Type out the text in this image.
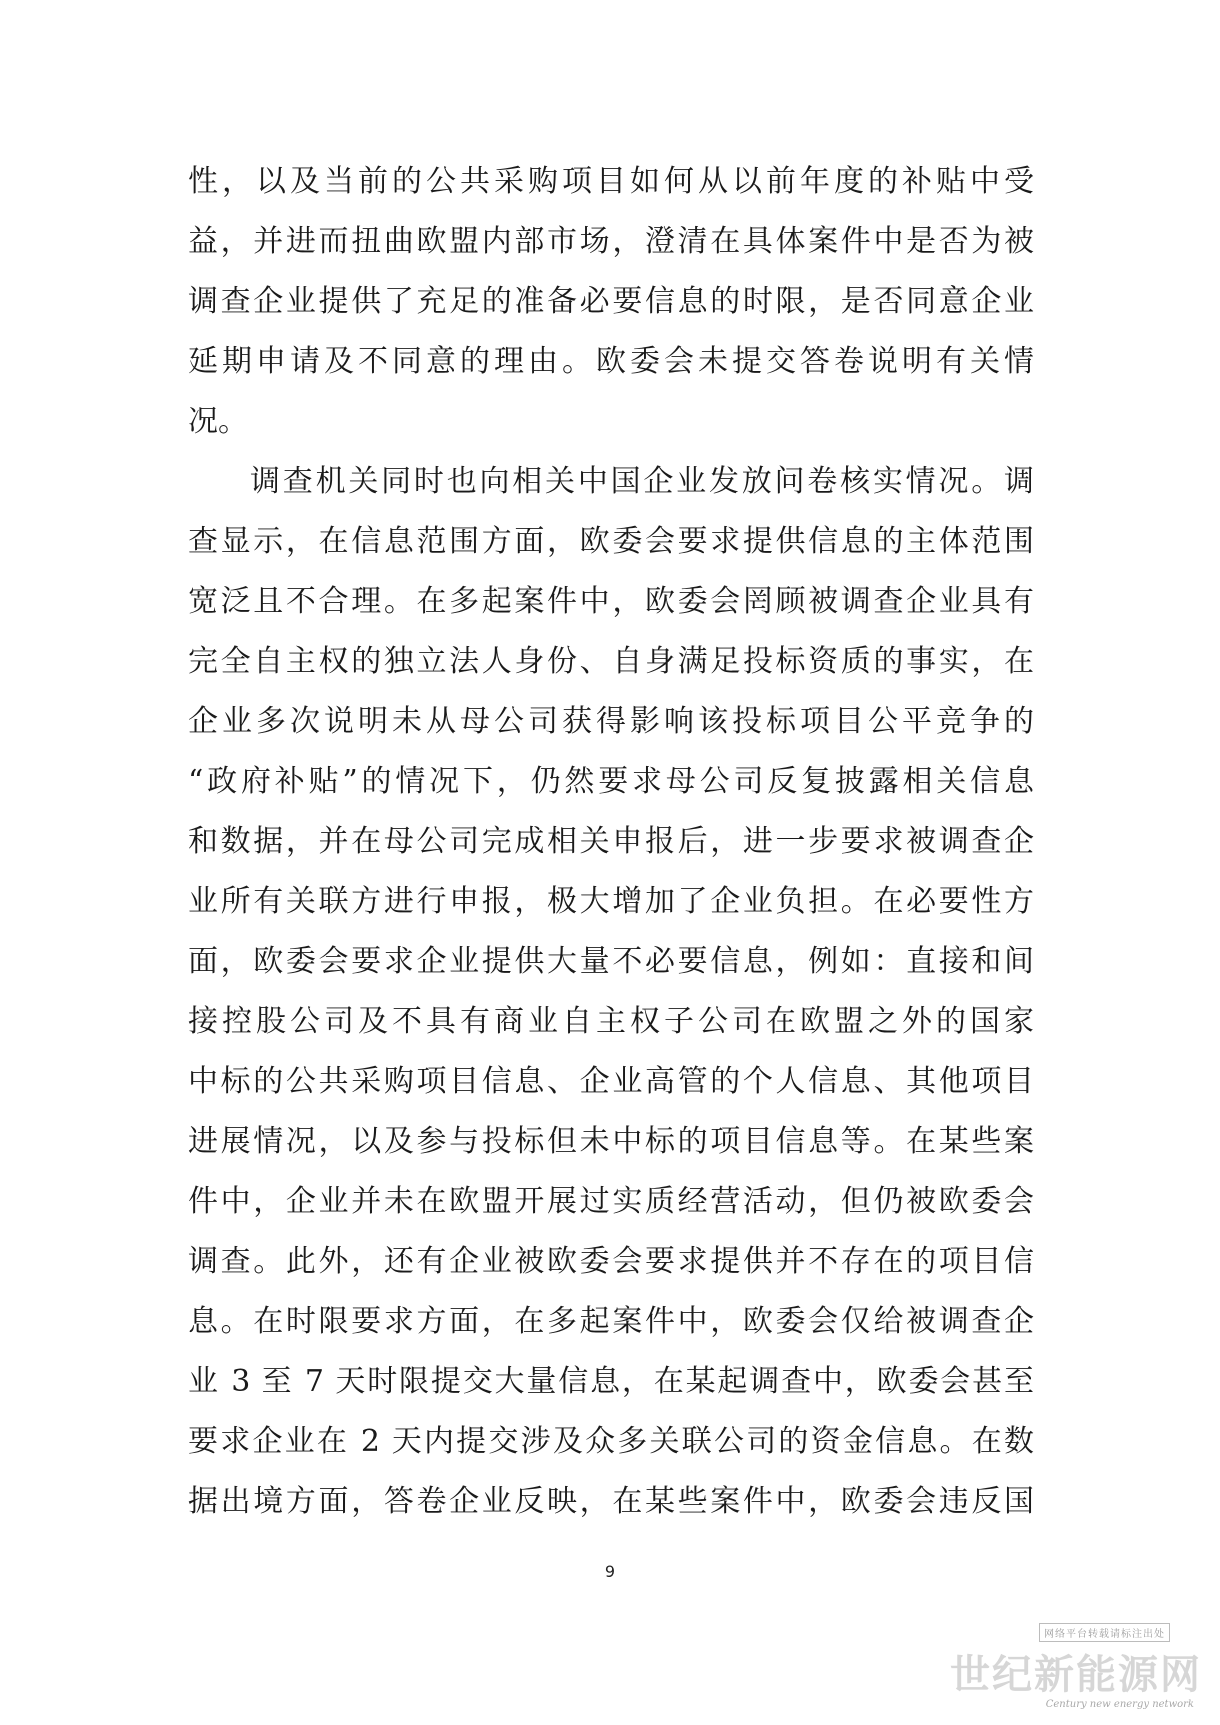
性，以及当前的公共采购项目如何从以前年度的补贴中受
益，并进而扭曲欧盟内部市场，澄清在具体案件中是否为被
调查企业提供了充足的准备必要信息的时限，是否同意企业
延期申请及不同意的理由。欧委会未提交答卷说明有关情
况。
调查机关同时也向相关中国企业发放问卷核实情况。调
查显示，在信息范围方面，欧委会要求提供信息的主体范围
宽泛且不合理。在多起案件中，欧委会罔顾被调查企业具有
完全自主权的独立法人身份、自身满足投标资质的事实，在
企业多次说明未从母公司获得影响该投标项目公平竞争的
“政府补贴”的情况下，仍然要求母公司反复披露相关信息
和数据，并在母公司完成相关申报后，进一步要求被调查企
业所有关联方进行申报，极大增加了企业负担。在必要性方
面，欧委会要求企业提供大量不必要信息，例如：直接和间
接控股公司及不具有商业自主权子公司在欧盟之外的国家
中标的公共采购项目信息、企业高管的个人信息、其他项目
进展情况，以及参与投标但未中标的项目信息等。在某些案
件中，企业并未在欧盟开展过实质经营活动，但仍被欧委会
调查。此外，还有企业被欧委会要求提供并不存在的项目信
息。在时限要求方面，在多起案件中，欧委会仅给被调查企
业 3 至 7 天时限提交大量信息，在某起调查中，欧委会甚至
要求企业在 2 天内提交涉及众多关联公司的资金信息。在数
据出境方面，答卷企业反映，在某些案件中，欧委会违反国
9
网络平台转载请标注出处
世纪新能源网
Century new energy network
